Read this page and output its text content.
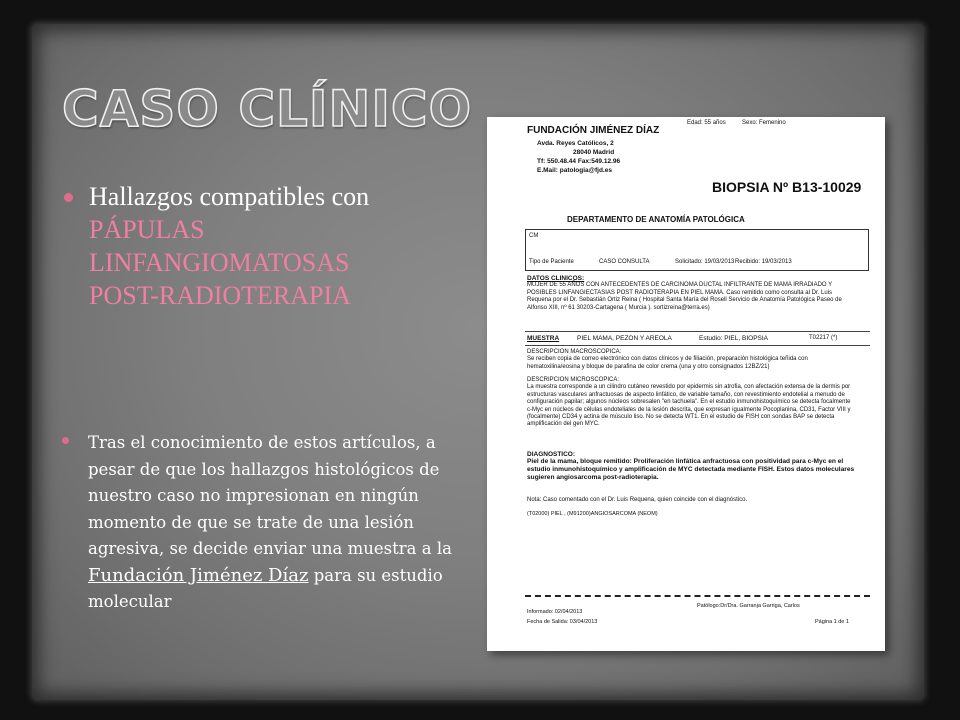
CASO CLÍNICO
Hallazgos compatibles con
PÁPULAS
LINFANGIOMATOSAS
POST-RADIOTERAPIA
Tras el conocimiento de estos artículos, a pesar de que los hallazgos histológicos de nuestro caso no impresionan en ningún momento de que se trate de una lesión agresiva, se decide enviar una muestra a la Fundación Jiménez Díaz para su estudio molecular
Edad: 55 años	Sexo: Femenino
FUNDACIÓN JIMÉNEZ DÍAZ
Avda. Reyes Católicos, 2
28040 Madrid
Tf: 550.48.44 Fax:549.12.96
E.Mail: patologia@fjd.es
BIOPSIA Nº B13-10029
DEPARTAMENTO DE ANATOMÍA PATOLÓGICA
CM
Tipo de Paciente	CASO CONSULTA	Solicitado: 19/03/2013 Recibido: 19/03/2013
DATOS CLINICOS:
MUJER DE 55 AÑOS CON ANTECEDENTES DE CARCINOMA DUCTAL INFILTRANTE DE MAMA IRRADIADO Y POSIBLES LINFANGIECTASIAS POST RADIOTERAPIA EN PIEL MAMA. Caso remitido como consulta al Dr. Luis Requena por el Dr. Sebastián Ortiz Reina ( Hospital Santa María del Rosell Servicio de Anatomía Patológica Paseo de Alfonso XIII, nº 61 30203-Cartagena ( Murcia ). sortizreina@terra.es)
MUESTRA	PIEL MAMA, PEZON Y AREOLA	Estudio: PIEL, BIOPSIA	T02217 (*)
DESCRIPCION MACROSCOPICA:
Se reciben copia de correo electrónico con datos clínicos y de filiación, preparación histológica teñida con hematoxilina/eosina y bloque de parafina de color crema (una y otro consignados 12BZ/21)
DESCRIPCION MICROSCOPICA:
La muestra corresponde a un cilindro cutáneo revestido por epidermis sin atrofia, con afectación extensa de la dermis por estructuras vasculares anfractuosas de aspecto linfático, de variable tamaño, con revestimiento endotelial a menudo de configuración papilar; algunos núcleos sobresalen "en tachuela". En el estudio inmunohistoquímico se detecta focalmente c-Myc en núcleos de células endoteliales de la lesión descrita, que expresan igualmente Pocoplanina, CD31, Factor VIII y (focalmente) CD34 y actina de músculo liso. No se detecta WT1. En el estudio de FISH con sondas BAP se detecta amplificación del gen MYC.
DIAGNOSTICO:
Piel de la mama, bloque remitido: Proliferación linfática anfractuosa con positividad para c-Myc en el estudio inmunohistoquímico y amplificación de MYC detectada mediante FISH. Estos datos moleculares sugieren angiosarcoma post-radioterapia.
Nota: Caso comentado con el Dr. Luis Requena, quien coincide con el diagnóstico.
(T02000) PIEL , (M91200)ANGIOSARCOMA (NEOM)
Patólogo:Dr/Dra. Garranja Garriga, Carlos
Informado: 02/04/2013
Fecha de Salida: 03/04/2013	Página 1 de 1
